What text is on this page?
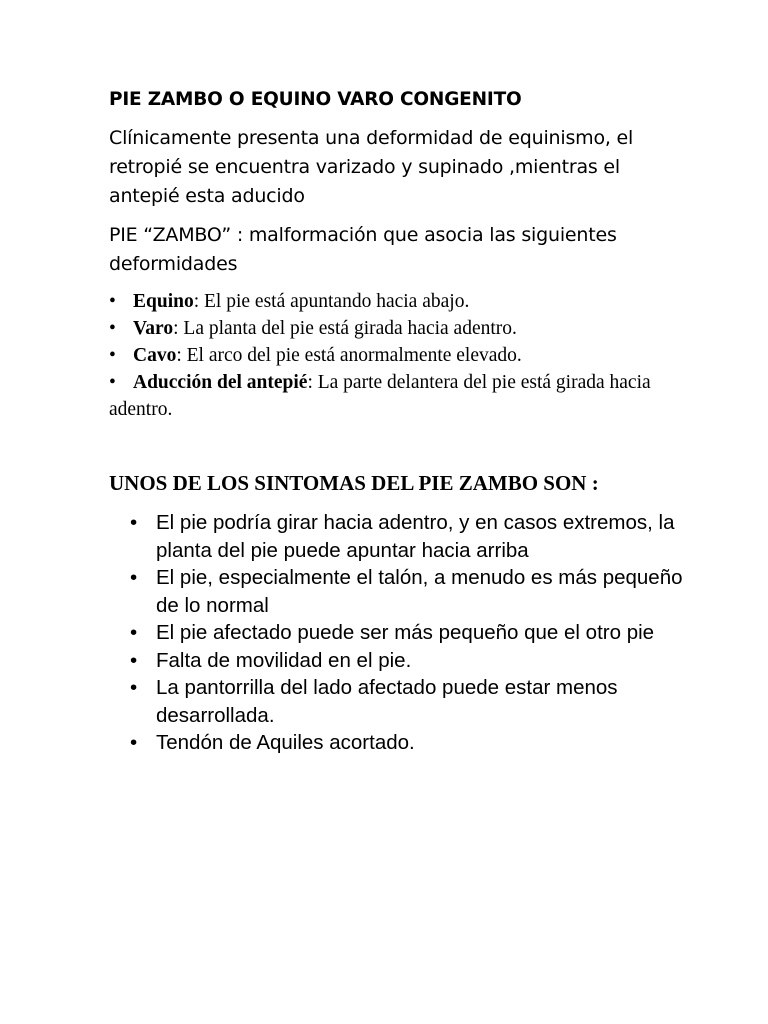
PIE ZAMBO O EQUINO VARO CONGENITO
Clínicamente presenta una deformidad de equinismo, el retropié se encuentra varizado y supinado ,mientras el antepié esta aducido
PIE “ZAMBO” : malformación que asocia las siguientes deformidades
• Equino: El pie está apuntando hacia abajo.
• Varo: La planta del pie está girada hacia adentro.
• Cavo: El arco del pie está anormalmente elevado.
• Aducción del antepié: La parte delantera del pie está girada hacia adentro.
UNOS DE LOS SINTOMAS DEL PIE ZAMBO SON :
• El pie podría girar hacia adentro, y en casos extremos, la planta del pie puede apuntar hacia arriba
• El pie, especialmente el talón, a menudo es más pequeño de lo normal
• El pie afectado puede ser más pequeño que el otro pie
• Falta de movilidad en el pie.
• La pantorrilla del lado afectado puede estar menos desarrollada.
• Tendón de Aquiles acortado.
